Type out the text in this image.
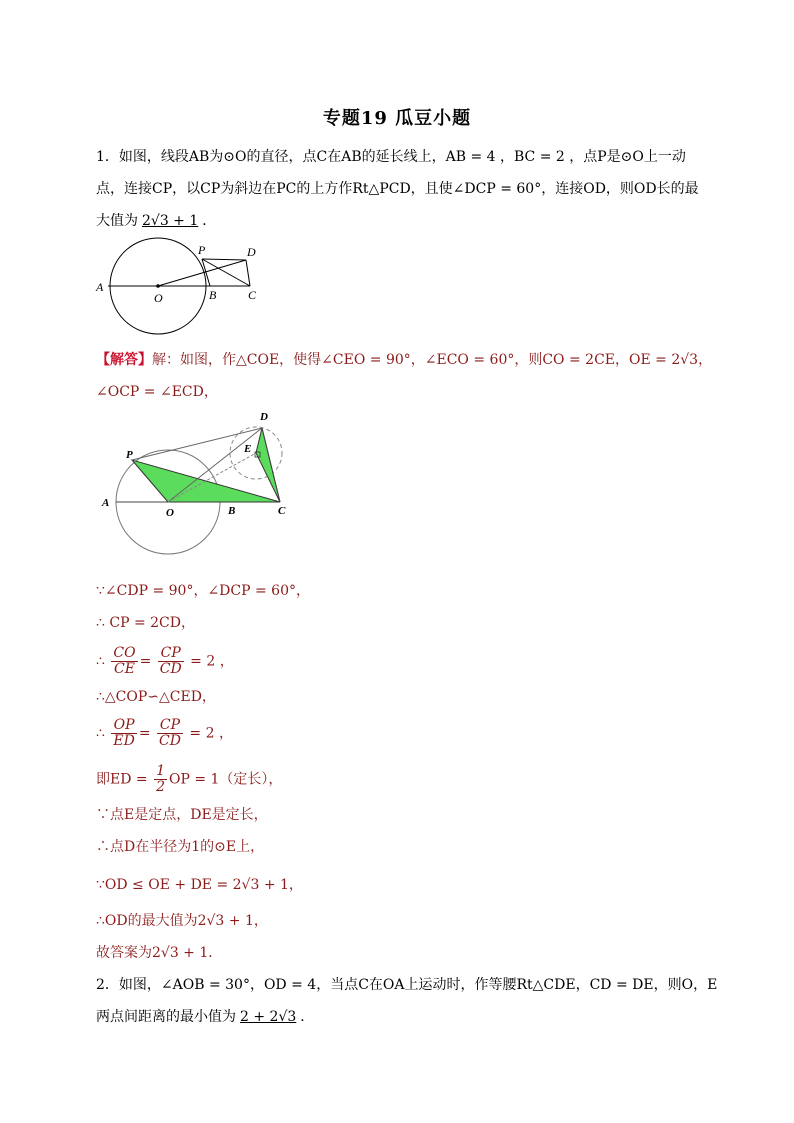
专题19 瓜豆小题
1．如图，线段AB为⊙O的直径，点C在AB的延长线上，AB = 4 ，BC = 2 ，点P是⊙O上一动
点，连接CP，以CP为斜边在PC的上方作Rt△PCD，且使∠DCP = 60°，连接OD，则OD长的最
大值为 2√3 + 1 ．
A
O	B	C
P	D
【解答】解：如图，作△COE，使得∠CEO = 90°，∠ECO = 60°，则CO = 2CE，OE = 2√3，
∠OCP = ∠ECD，
A
O	B	C
P
D
E
∵∠CDP = 90°，∠DCP = 60°，
∴ CP = 2CD，
∴ $\frac{CO}{CE} = \frac{CP}{CD} = 2$ ，
∴△COP∽△CED，
∴ $\frac{OP}{ED} = \frac{CP}{CD} = 2$ ，
即ED = $\frac{1}{2}$ OP = 1（定长），
∵点E是定点，DE是定长，
∴点D在半径为1的⊙E上，
∵OD ≤ OE + DE = 2√3 + 1，
∴OD的最大值为2√3 + 1，
故答案为2√3 + 1．
2．如图，∠AOB = 30°，OD = 4，当点C在OA上运动时，作等腰Rt△CDE，CD = DE，则O，E
两点间距离的最小值为 2 + 2√3 ．
